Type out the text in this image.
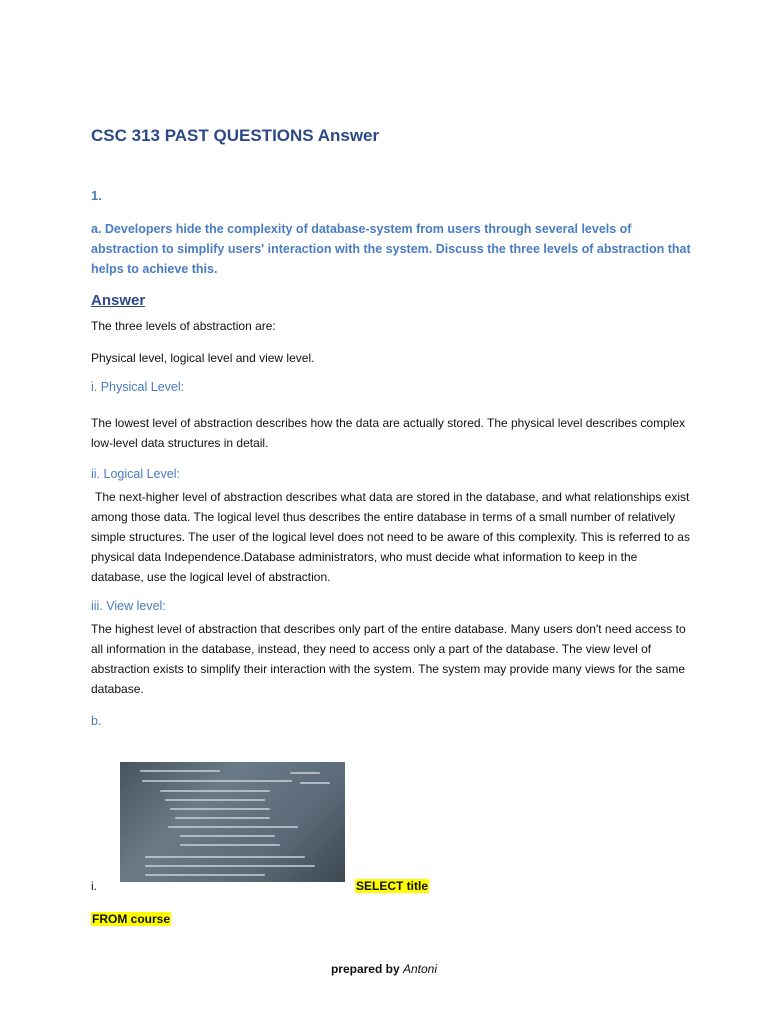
CSC 313 PAST QUESTIONS Answer
1.
a. Developers hide the complexity of database-system from users through several levels of abstraction to simplify users' interaction with the system. Discuss the three levels of abstraction that helps to achieve this.
Answer
The three levels of abstraction are:
Physical level, logical level and view level.
i. Physical Level:
The lowest level of abstraction describes how the data are actually stored. The physical level describes complex low-level data structures in detail.
ii. Logical Level:
The next-higher level of abstraction describes what data are stored in the database, and what relationships exist among those data. The logical level thus describes the entire database in terms of a small number of relatively simple structures. The user of the logical level does not need to be aware of this complexity. This is referred to as physical data Independence.Database administrators, who must decide what information to keep in the database, use the logical level of abstraction.
iii. View level:
The highest level of abstraction that describes only part of the entire database. Many users don't need access to all information in the database, instead, they need to access only a part of the database. The view level of abstraction exists to simplify their interaction with the system. The system may provide many views for the same database.
b.
i.	SELECT title
FROM course
prepared by Antoni
